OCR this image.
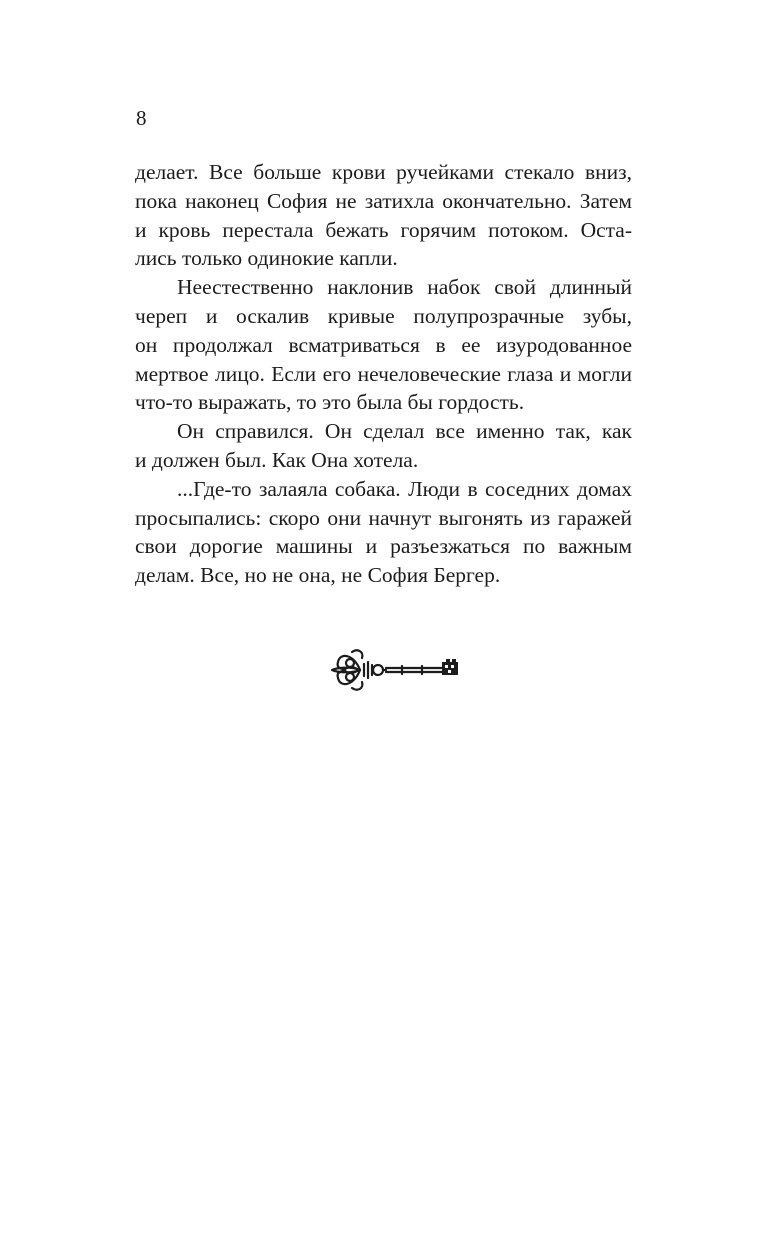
8
делает. Все больше крови ручейками стекало вниз,
пока наконец София не затихла окончательно. Затем
и кровь перестала бежать горячим потоком. Оста-
лись только одинокие капли.
Неестественно наклонив набок свой длинный
череп и оскалив кривые полупрозрачные зубы,
он продолжал всматриваться в ее изуродованное
мертвое лицо. Если его нечеловеческие глаза и могли
что-то выражать, то это была бы гордость.
Он справился. Он сделал все именно так, как
и должен был. Как Она хотела.
...Где-то залаяла собака. Люди в соседних домах
просыпались: скоро они начнут выгонять из гаражей
свои дорогие машины и разъезжаться по важным
делам. Все, но не она, не София Бергер.
